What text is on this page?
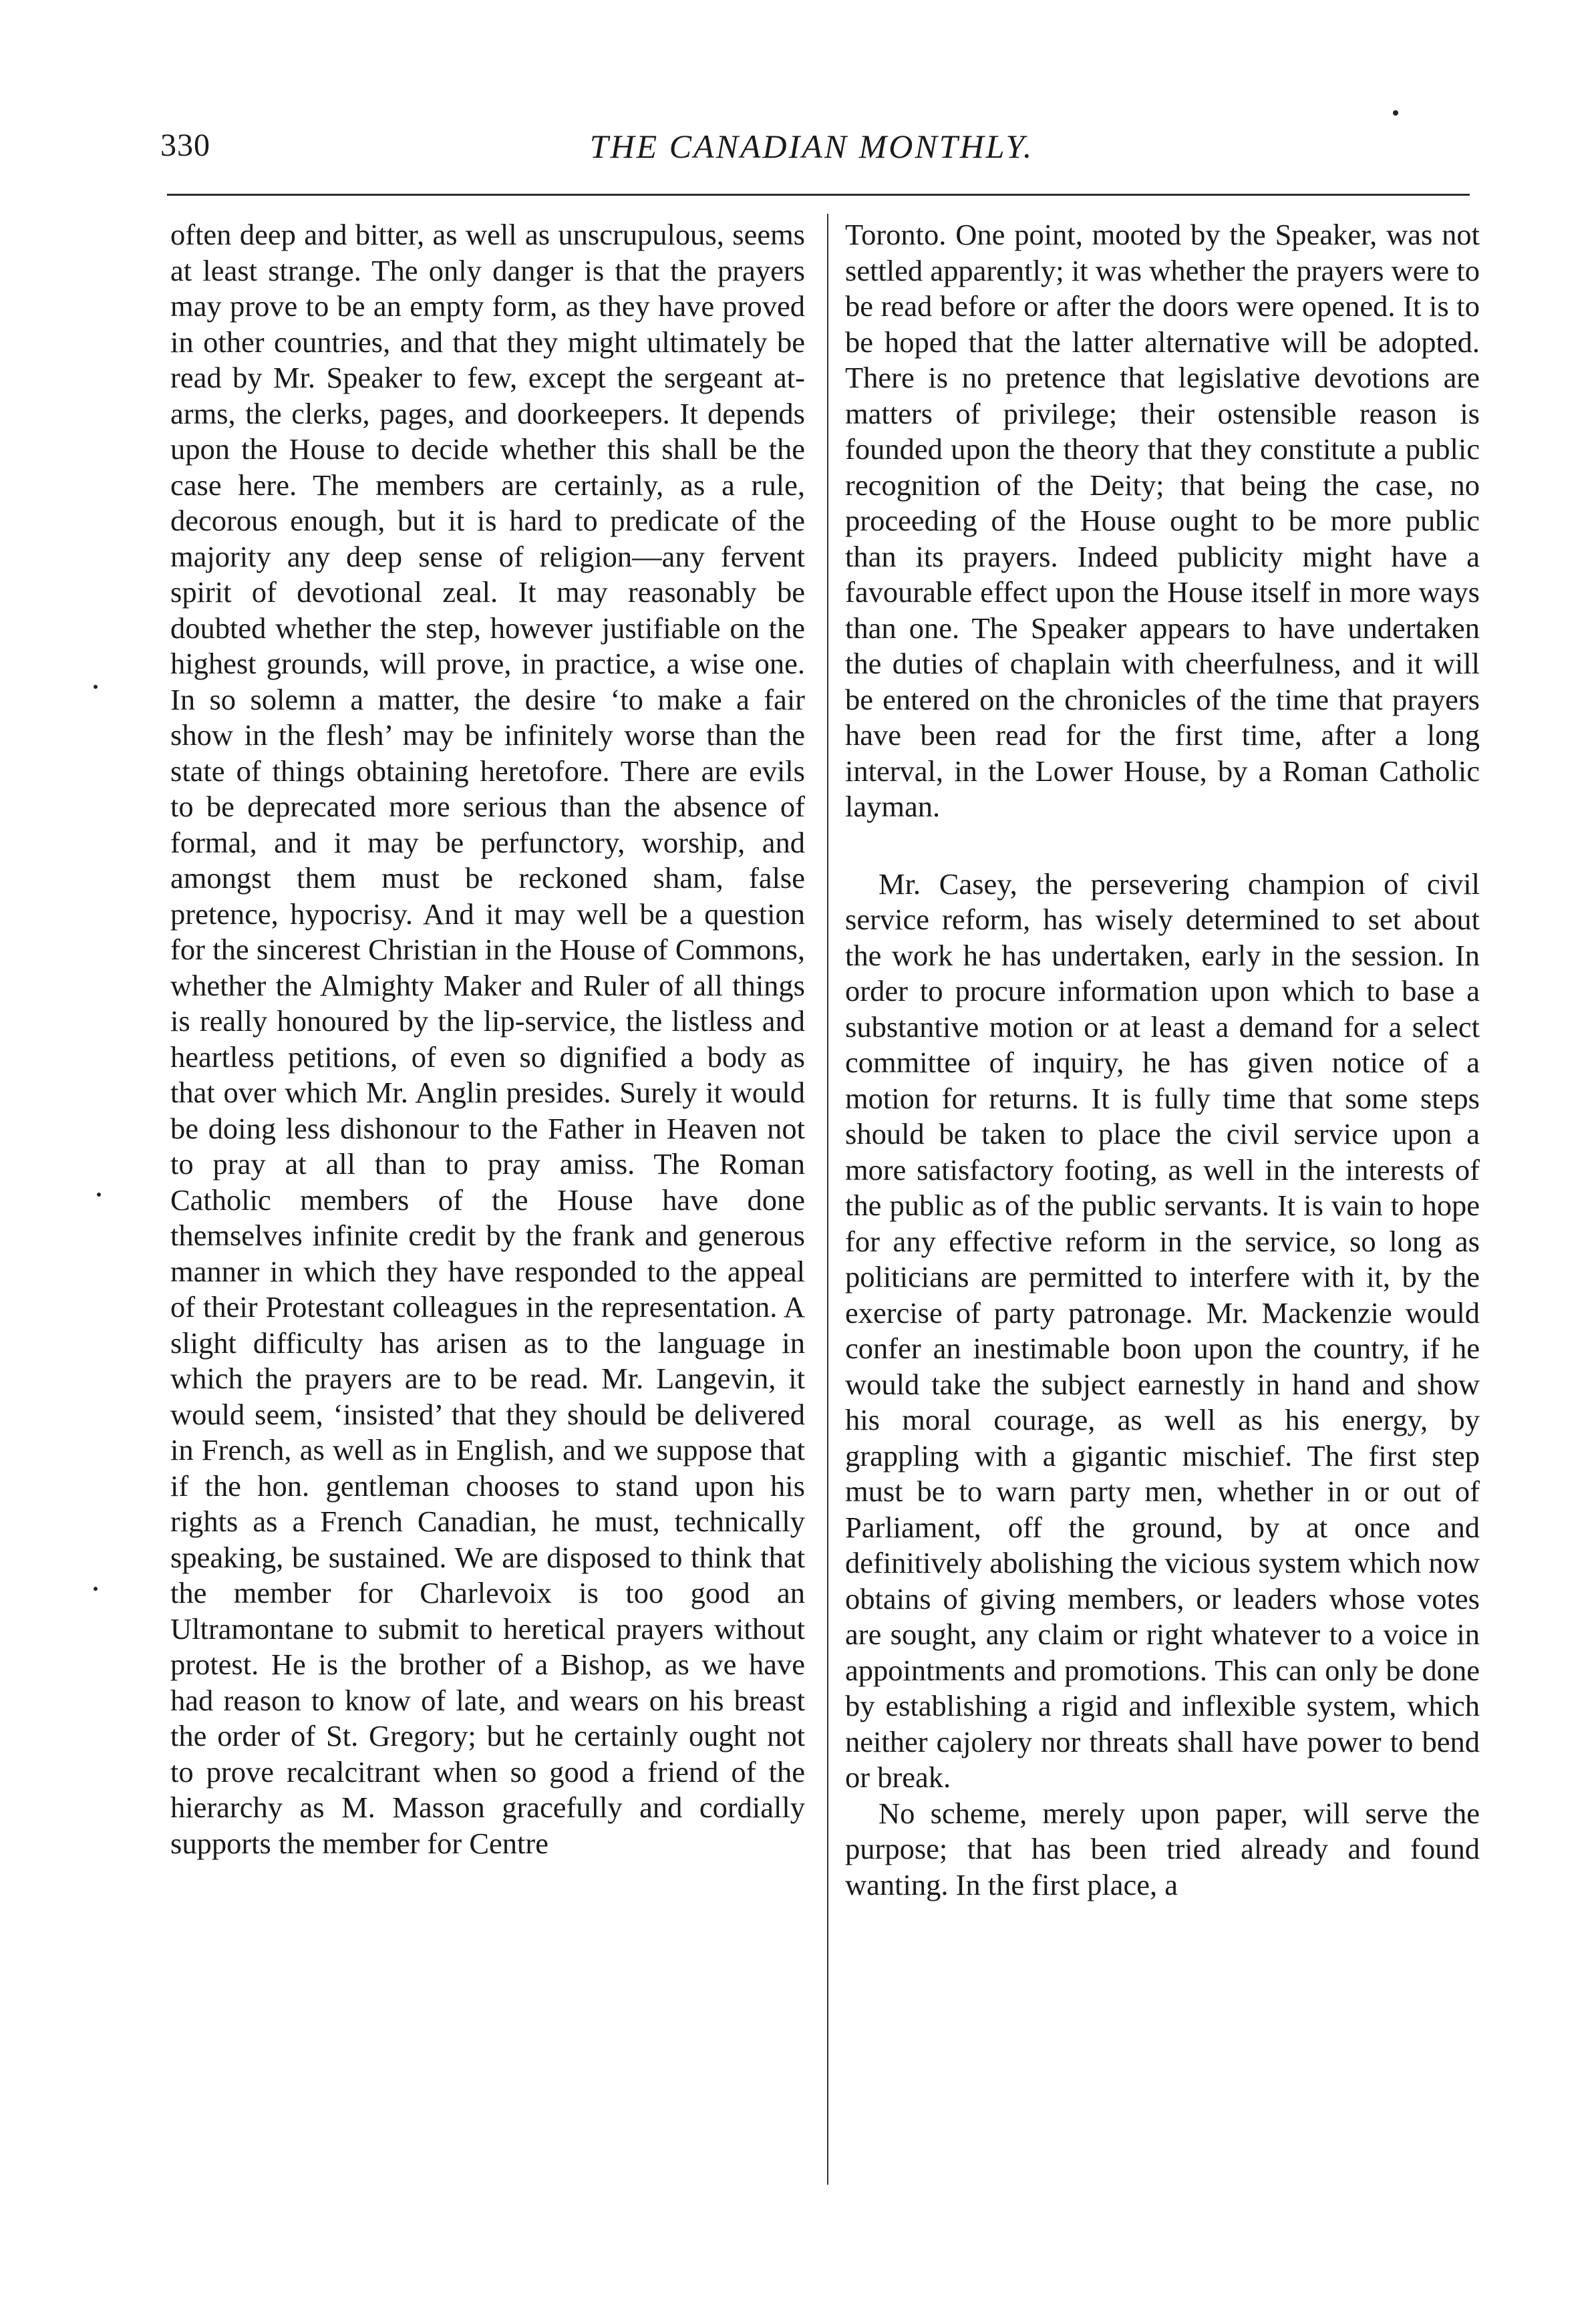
330	THE CANADIAN MONTHLY.

often deep and bitter, as well as unscrupulous, seems at least strange. The only danger is that the prayers may prove to be an empty form, as they have proved in other countries, and that they might ultimately be read by Mr. Speaker to few, except the sergeant at-arms, the clerks, pages, and doorkeepers. It depends upon the House to decide whether this shall be the case here. The members are certainly, as a rule, decorous enough, but it is hard to predicate of the majority any deep sense of religion—any fervent spirit of devotional zeal. It may reasonably be doubted whether the step, however justifiable on the highest grounds, will prove, in practice, a wise one. In so solemn a matter, the desire ‘to make a fair show in the flesh’ may be infinitely worse than the state of things obtaining heretofore. There are evils to be deprecated more serious than the absence of formal, and it may be perfunctory, worship, and amongst them must be reckoned sham, false pretence, hypocrisy. And it may well be a question for the sincerest Christian in the House of Commons, whether the Almighty Maker and Ruler of all things is really honoured by the lip-service, the listless and heartless petitions, of even so dignified a body as that over which Mr. Anglin presides. Surely it would be doing less dishonour to the Father in Heaven not to pray at all than to pray amiss. The Roman Catholic members of the House have done themselves infinite credit by the frank and generous manner in which they have responded to the appeal of their Protestant colleagues in the representation. A slight difficulty has arisen as to the language in which the prayers are to be read. Mr. Langevin, it would seem, ‘insisted’ that they should be delivered in French, as well as in English, and we suppose that if the hon. gentleman chooses to stand upon his rights as a French Canadian, he must, technically speaking, be sustained. We are disposed to think that the member for Charlevoix is too good an Ultramontane to submit to heretical prayers without protest. He is the brother of a Bishop, as we have had reason to know of late, and wears on his breast the order of St. Gregory; but he certainly ought not to prove recalcitrant when so good a friend of the hierarchy as M. Masson gracefully and cordially supports the member for Centre

Toronto. One point, mooted by the Speaker, was not settled apparently; it was whether the prayers were to be read before or after the doors were opened. It is to be hoped that the latter alternative will be adopted. There is no pretence that legislative devotions are matters of privilege; their ostensible reason is founded upon the theory that they constitute a public recognition of the Deity; that being the case, no proceeding of the House ought to be more public than its prayers. Indeed publicity might have a favourable effect upon the House itself in more ways than one. The Speaker appears to have undertaken the duties of chaplain with cheerfulness, and it will be entered on the chronicles of the time that prayers have been read for the first time, after a long interval, in the Lower House, by a Roman Catholic layman.

Mr. Casey, the persevering champion of civil service reform, has wisely determined to set about the work he has undertaken, early in the session. In order to procure information upon which to base a substantive motion or at least a demand for a select committee of inquiry, he has given notice of a motion for returns. It is fully time that some steps should be taken to place the civil service upon a more satisfactory footing, as well in the interests of the public as of the public servants. It is vain to hope for any effective reform in the service, so long as politicians are permitted to interfere with it, by the exercise of party patronage. Mr. Mackenzie would confer an inestimable boon upon the country, if he would take the subject earnestly in hand and show his moral courage, as well as his energy, by grappling with a gigantic mischief. The first step must be to warn party men, whether in or out of Parliament, off the ground, by at once and definitively abolishing the vicious system which now obtains of giving members, or leaders whose votes are sought, any claim or right whatever to a voice in appointments and promotions. This can only be done by establishing a rigid and inflexible system, which neither cajolery nor threats shall have power to bend or break.

No scheme, merely upon paper, will serve the purpose; that has been tried already and found wanting. In the first place, a
